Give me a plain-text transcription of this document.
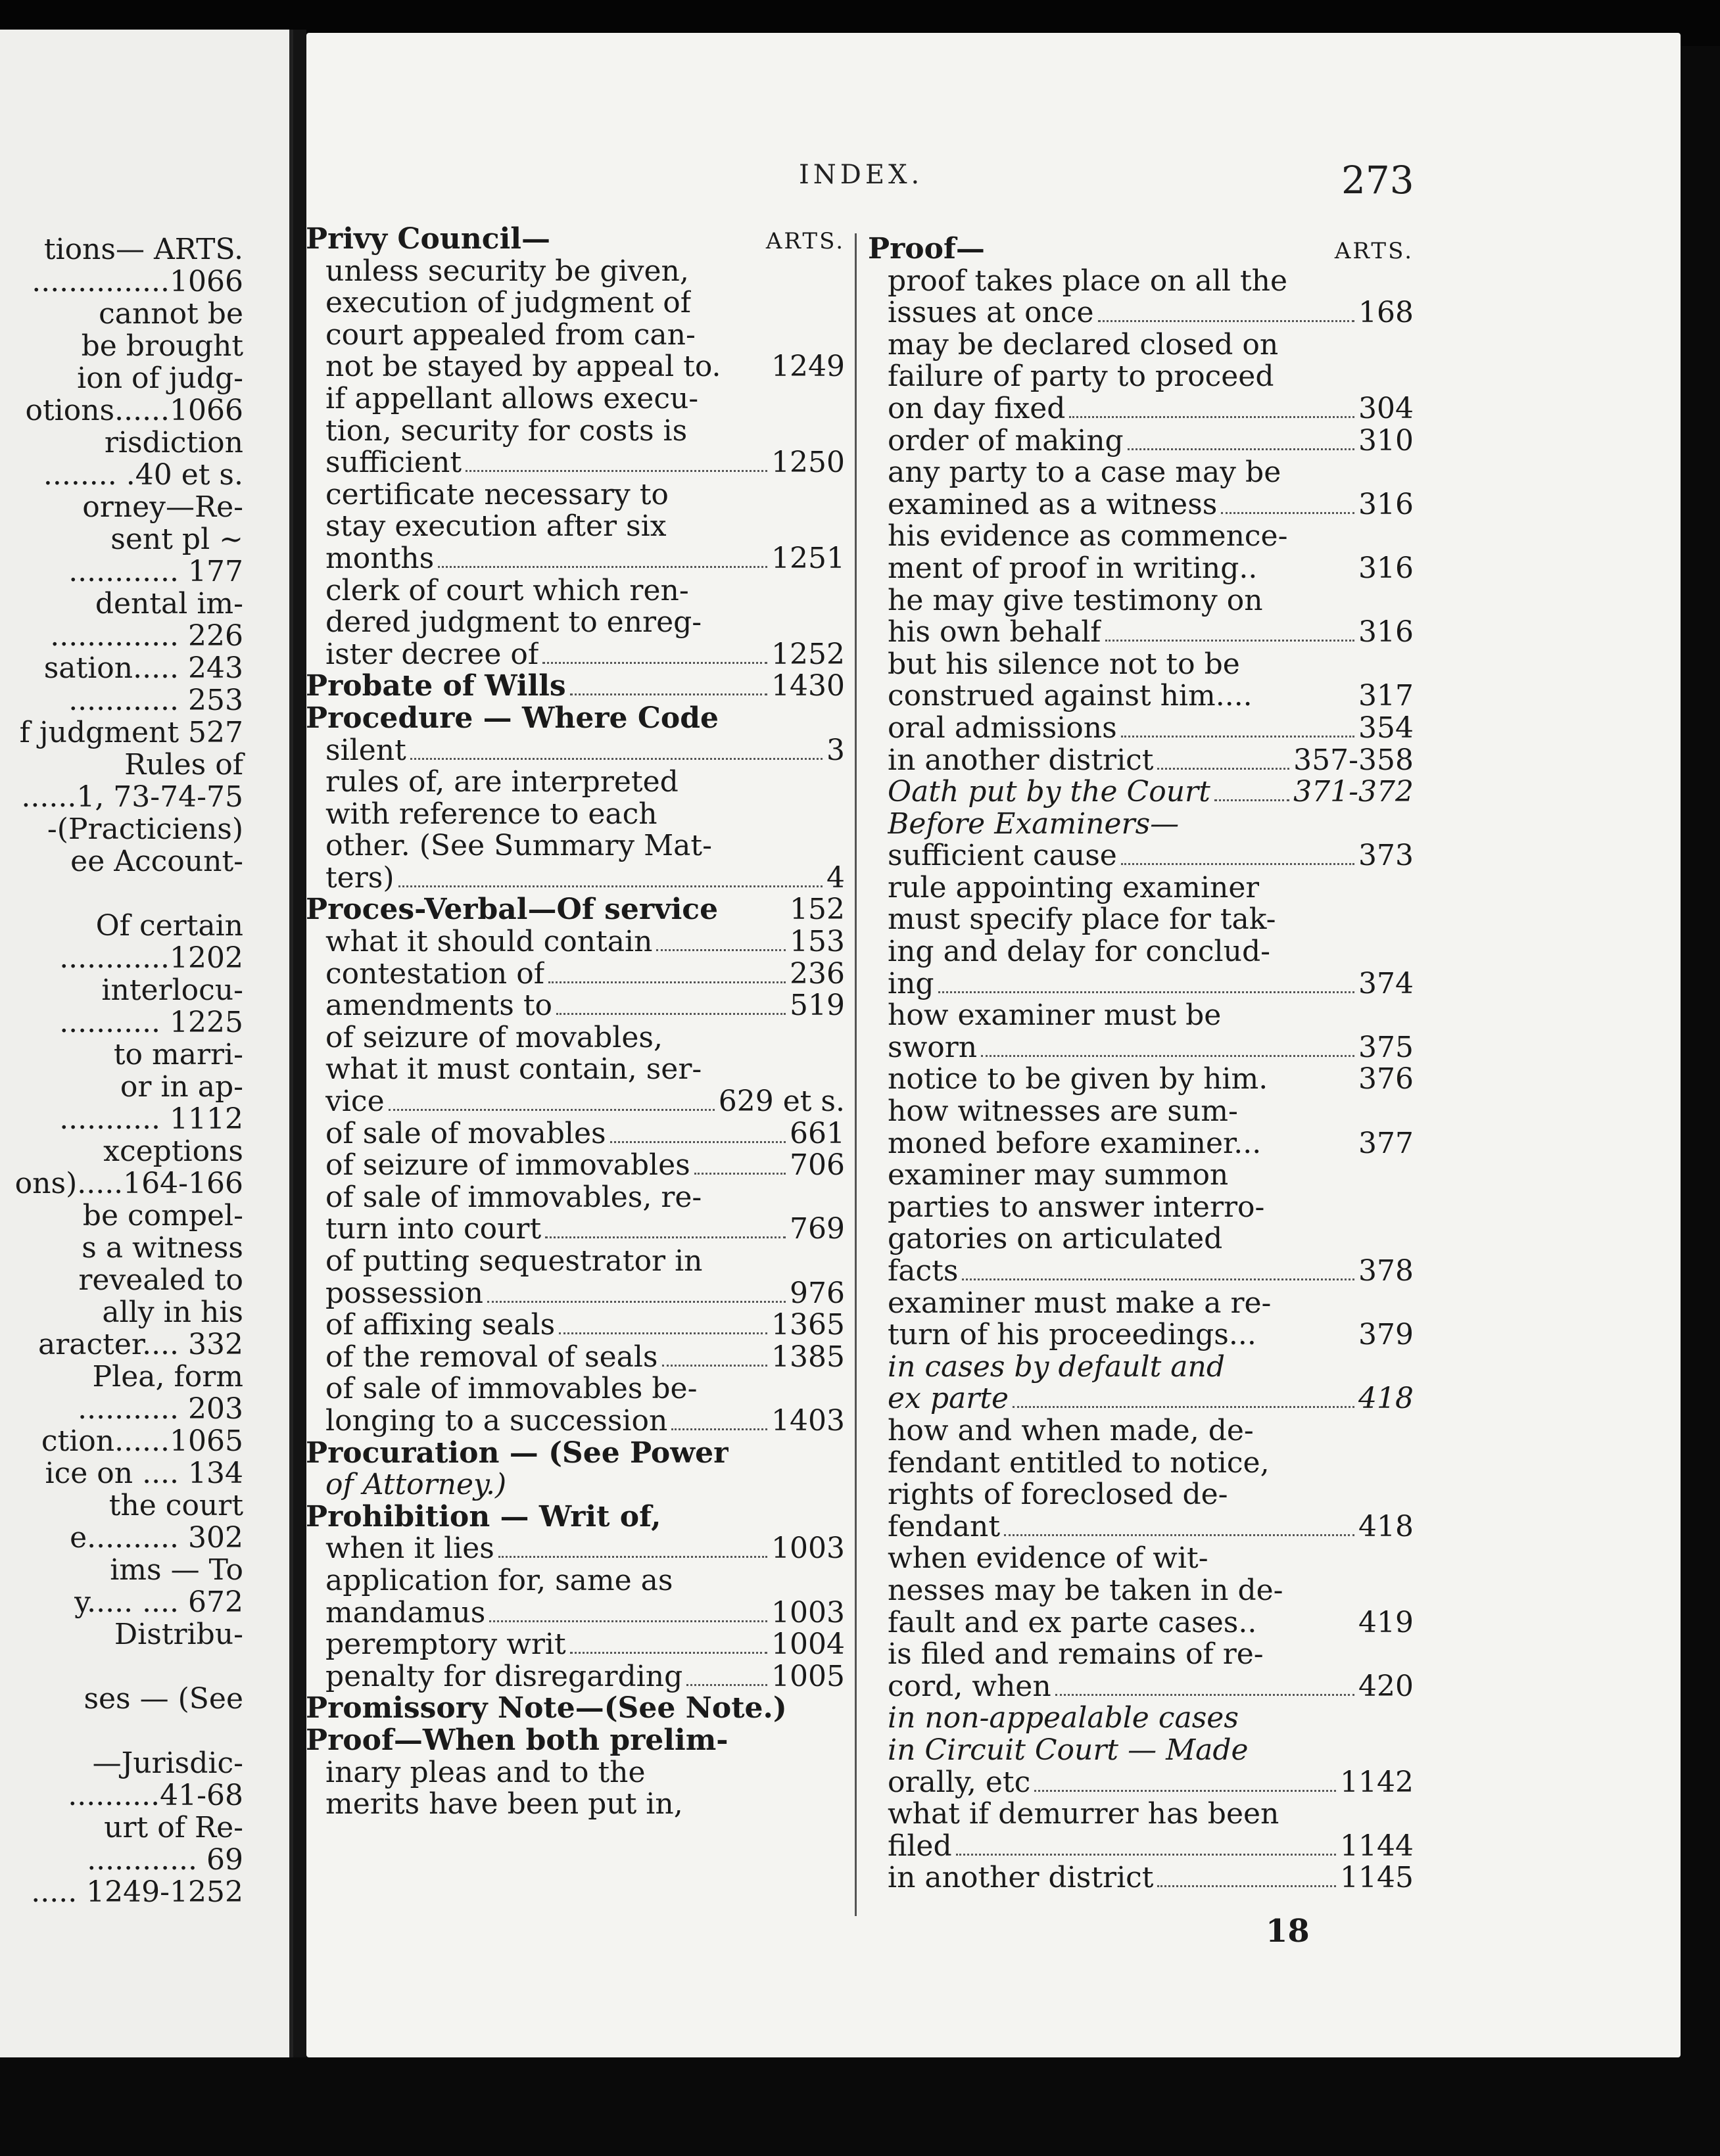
tions— ARTS.
...............1066
cannot be
be brought
ion of judg-
otions......1066
risdiction
........ .40 et s.
orney—Re-
sent pl ~
............ 177
dental im-
.............. 226
sation..... 243
............ 253
f judgment 527
Rules of
......1, 73-74-75
-(Practiciens)
ee Account-
Of certain
............1202
interlocu-
........... 1225
to marri-
or in ap-
........... 1112
xceptions
ons).....164-166
be compel-
s a witness
revealed to
ally in his
aracter.... 332
Plea, form
........... 203
ction......1065
ice on .... 134
the court
e.......... 302
ims — To
y..... .... 672
Distribu-
ses — (See
—Jurisdic-
..........41-68
urt of Re-
............ 69
..... 1249-1252
INDEX.	273
Privy Council—	ARTS.
unless security be given,
execution of judgment of
court appealed from can-
not be stayed by appeal to. 1249
if appellant allows execu-
tion, security for costs is
sufficient	1250
certificate necessary to
stay execution after six
months	1251
clerk of court which ren-
dered judgment to enreg-
ister decree of	1252
Probate of Wills	1430
Procedure — Where Code
silent	3
rules of, are interpreted
with reference to each
other. (See Summary Mat-
ters)	4
Proces-Verbal—Of service 152
what it should contain	153
contestation of	236
amendments to	519
of seizure of movables,
what it must contain, ser-
vice	629 et s.
of sale of movables	661
of seizure of immovables	706
of sale of immovables, re-
turn into court	769
of putting sequestrator in
possession	976
of affixing seals	1365
of the removal of seals	1385
of sale of immovables be-
longing to a succession	1403
Procuration — (See Power
of Attorney.)
Prohibition — Writ of,
when it lies	1003
application for, same as
mandamus	1003
peremptory writ	1004
penalty for disregarding	1005
Promissory Note—(See Note.)
Proof—When both prelim-
inary pleas and to the
merits have been put in,
Proof—	ARTS.
proof takes place on all the
issues at once	168
may be declared closed on
failure of party to proceed
on day fixed	304
order of making	310
any party to a case may be
examined as a witness	316
his evidence as commence-
ment of proof in writing..	316
he may give testimony on
his own behalf	316
but his silence not to be
construed against him....	317
oral admissions	354
in another district	357-358
Oath put by the Court	371-372
Before Examiners—
sufficient cause	373
rule appointing examiner
must specify place for tak-
ing and delay for conclud-
ing	374
how examiner must be
sworn	375
notice to be given by him.	376
how witnesses are sum-
moned before examiner...	377
examiner may summon
parties to answer interro-
gatories on articulated
facts	378
examiner must make a re-
turn of his proceedings...	379
in cases by default and
ex parte	418
how and when made, de-
fendant entitled to notice,
rights of foreclosed de-
fendant	418
when evidence of wit-
nesses may be taken in de-
fault and ex parte cases..	419
is filed and remains of re-
cord, when	420
in non-appealable cases
in Circuit Court — Made
orally, etc	1142
what if demurrer has been
filed	1144
in another district	1145
18
